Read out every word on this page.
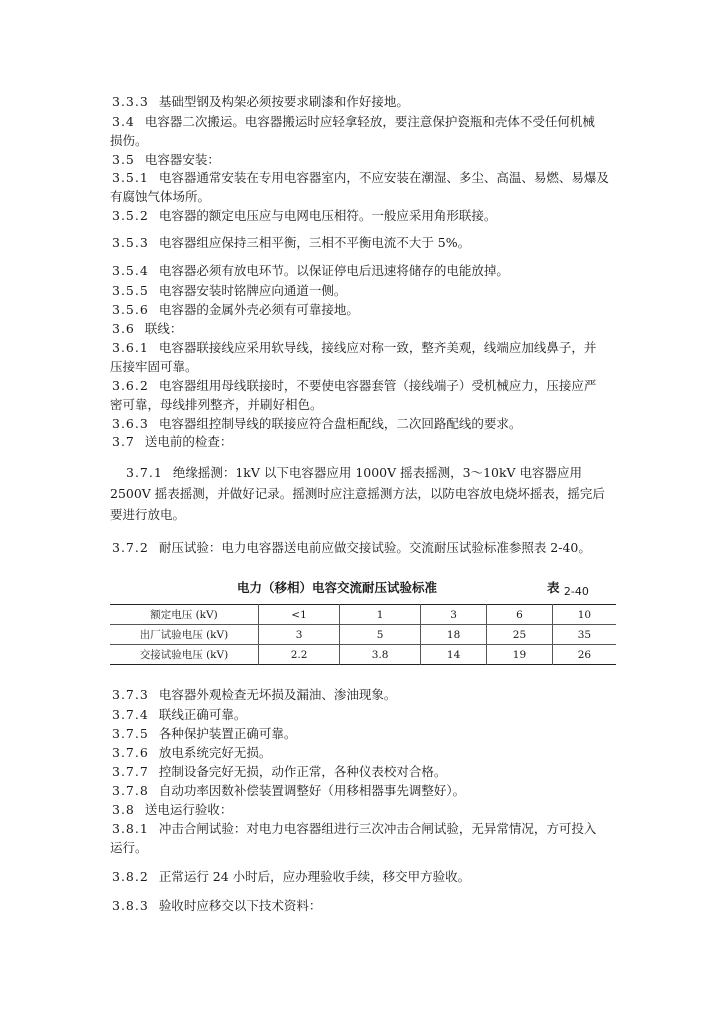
3.3.3 基础型钢及构架必须按要求刷漆和作好接地。
3.4 电容器二次搬运。电容器搬运时应轻拿轻放，要注意保护瓷瓶和壳体不受任何机械
损伤。
3.5 电容器安装：
3.5.1 电容器通常安装在专用电容器室内，不应安装在潮湿、多尘、高温、易燃、易爆及
有腐蚀气体场所。
3.5.2 电容器的额定电压应与电网电压相符。一般应采用角形联接。
3.5.3 电容器组应保持三相平衡，三相不平衡电流不大于 5%。
3.5.4 电容器必须有放电环节。以保证停电后迅速将储存的电能放掉。
3.5.5 电容器安装时铭牌应向通道一侧。
3.5.6 电容器的金属外壳必须有可靠接地。
3.6 联线：
3.6.1 电容器联接线应采用软导线，接线应对称一致，整齐美观，线端应加线鼻子，并
压接牢固可靠。
3.6.2 电容器组用母线联接时，不要使电容器套管（接线端子）受机械应力，压接应严
密可靠，母线排列整齐，并刷好相色。
3.6.3 电容器组控制导线的联接应符合盘柜配线，二次回路配线的要求。
3.7 送电前的检查：
3.7.1 绝缘摇测：1kV 以下电容器应用 1000V 摇表摇测，3～10kV 电容器应用 2500V 摇表摇测，并做好记录。摇测时应注意摇测方法，以防电容放电烧坏摇表，摇完后要进行放电。
3.7.2 耐压试验：电力电容器送电前应做交接试验。交流耐压试验标准参照表 2-40。
电力（移相）电容交流耐压试验标准	表 $_{2-40}$
额定电压 (kV)	<1	1	3	6	10
出厂试验电压 (kV)	3	5	18	25	35
交接试验电压 (kV)	2.2	3.8	14	19	26
3.7.3 电容器外观检查无坏损及漏油、渗油现象。
3.7.4 联线正确可靠。
3.7.5 各种保护装置正确可靠。
3.7.6 放电系统完好无损。
3.7.7 控制设备完好无损，动作正常，各种仪表校对合格。
3.7.8 自动功率因数补偿装置调整好（用移相器事先调整好）。
3.8 送电运行验收：
3.8.1 冲击合闸试验：对电力电容器组进行三次冲击合闸试验，无异常情况，方可投入
运行。
3.8.2 正常运行 24 小时后，应办理验收手续，移交甲方验收。
3.8.3 验收时应移交以下技术资料：
